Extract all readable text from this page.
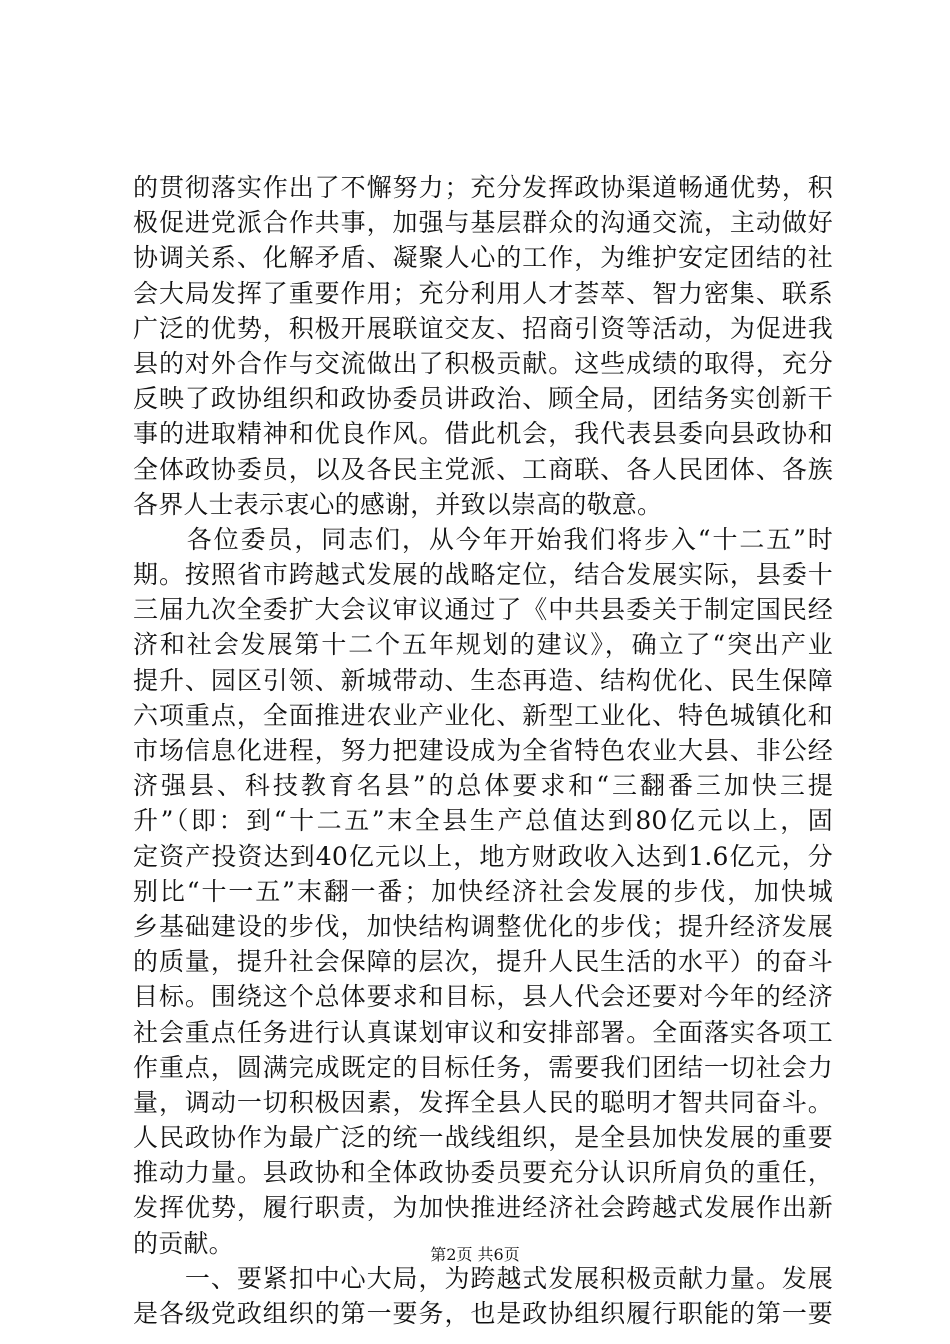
的贯彻落实作出了不懈努力；充分发挥政协渠道畅通优势，积
极促进党派合作共事，加强与基层群众的沟通交流，主动做好
协调关系、化解矛盾、凝聚人心的工作，为维护安定团结的社
会大局发挥了重要作用；充分利用人才荟萃、智力密集、联系
广泛的优势，积极开展联谊交友、招商引资等活动，为促进我
县的对外合作与交流做出了积极贡献。这些成绩的取得，充分
反映了政协组织和政协委员讲政治、顾全局，团结务实创新干
事的进取精神和优良作风。借此机会，我代表县委向县政协和
全体政协委员，以及各民主党派、工商联、各人民团体、各族
各界人士表示衷心的感谢，并致以崇高的敬意。
　　各位委员，同志们，从今年开始我们将步入“十二五”时
期。按照省市跨越式发展的战略定位，结合发展实际，县委十
三届九次全委扩大会议审议通过了《中共县委关于制定国民经
济和社会发展第十二个五年规划的建议》，确立了“突出产业
提升、园区引领、新城带动、生态再造、结构优化、民生保障
六项重点，全面推进农业产业化、新型工业化、特色城镇化和
市场信息化进程，努力把建设成为全省特色农业大县、非公经
济强县、科技教育名县”的总体要求和“三翻番三加快三提
升”（即：到“十二五”末全县生产总值达到80亿元以上，固
定资产投资达到40亿元以上，地方财政收入达到1.6亿元，分
别比“十一五”末翻一番；加快经济社会发展的步伐，加快城
乡基础建设的步伐，加快结构调整优化的步伐；提升经济发展
的质量，提升社会保障的层次，提升人民生活的水平）的奋斗
目标。围绕这个总体要求和目标，县人代会还要对今年的经济
社会重点任务进行认真谋划审议和安排部署。全面落实各项工
作重点，圆满完成既定的目标任务，需要我们团结一切社会力
量，调动一切积极因素，发挥全县人民的聪明才智共同奋斗。
人民政协作为最广泛的统一战线组织，是全县加快发展的重要
推动力量。县政协和全体政协委员要充分认识所肩负的重任，
发挥优势，履行职责，为加快推进经济社会跨越式发展作出新
的贡献。
　　一、要紧扣中心大局，为跨越式发展积极贡献力量。发展
是各级党政组织的第一要务，也是政协组织履行职能的第一要
第2页 共6页
